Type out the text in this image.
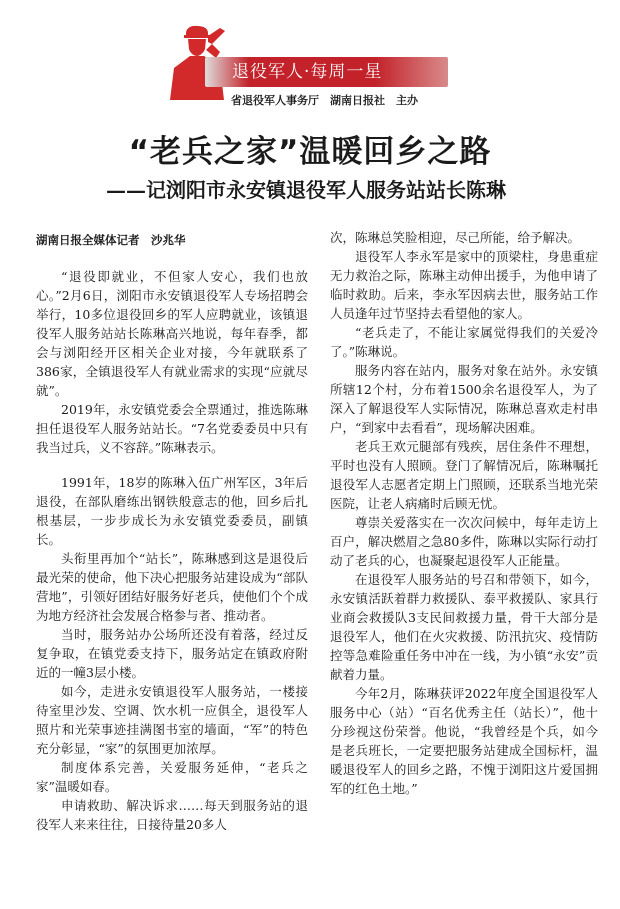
退役军人·每周一星
省退役军人事务厅　湖南日报社　主办
“老兵之家”温暖回乡之路
——记浏阳市永安镇退役军人服务站站长陈琳
湖南日报全媒体记者　沙兆华

“退役即就业，不但家人安心，我们也放心。”2月6日，浏阳市永安镇退役军人专场招聘会举行，10多位退役回乡的军人应聘就业，该镇退役军人服务站站长陈琳高兴地说，每年春季，都会与浏阳经开区相关企业对接，今年就联系了386家，全镇退役军人有就业需求的实现“应就尽就”。

2019年，永安镇党委会全票通过，推选陈琳担任退役军人服务站站长。“7名党委委员中只有我当过兵，义不容辞。”陈琳表示。

1991年，18岁的陈琳入伍广州军区，3年后退役，在部队磨练出钢铁般意志的他，回乡后扎根基层，一步步成长为永安镇党委委员，副镇长。

头衔里再加个“站长”，陈琳感到这是退役后最光荣的使命，他下决心把服务站建设成为“部队营地”，引领好团结好服务好老兵，使他们个个成为地方经济社会发展合格参与者、推动者。

当时，服务站办公场所还没有着落，经过反复争取，在镇党委支持下，服务站定在镇政府附近的一幢3层小楼。

如今，走进永安镇退役军人服务站，一楼接待室里沙发、空调、饮水机一应俱全，退役军人照片和光荣事迹挂满图书室的墙面，“军”的特色充分彰显，“家”的氛围更加浓厚。

制度体系完善，关爱服务延伸，“老兵之家”温暖如春。

申请救助、解决诉求……每天到服务站的退役军人来来往往，日接待量20多人

次，陈琳总笑脸相迎，尽己所能，给予解决。

退役军人李永军是家中的顶梁柱，身患重症无力救治之际，陈琳主动伸出援手，为他申请了临时救助。后来，李永军因病去世，服务站工作人员逢年过节坚持去看望他的家人。

“老兵走了，不能让家属觉得我们的关爱冷了。”陈琳说。

服务内容在站内，服务对象在站外。永安镇所辖12个村，分布着1500余名退役军人，为了深入了解退役军人实际情况，陈琳总喜欢走村串户，“到家中去看看”，现场解决困难。

老兵王欢元腿部有残疾，居住条件不理想，平时也没有人照顾。登门了解情况后，陈琳嘱托退役军人志愿者定期上门照顾，还联系当地光荣医院，让老人病痛时后顾无忧。

尊崇关爱落实在一次次问候中，每年走访上百户，解决燃眉之急80多件，陈琳以实际行动打动了老兵的心，也凝聚起退役军人正能量。

在退役军人服务站的号召和带领下，如今，永安镇活跃着群力救援队、泰平救援队、家具行业商会救援队3支民间救援力量，骨干大部分是退役军人，他们在火灾救援、防汛抗灾、疫情防控等急难险重任务中冲在一线，为小镇“永安”贡献着力量。

今年2月，陈琳获评2022年度全国退役军人服务中心（站）“百名优秀主任（站长）”，他十分珍视这份荣誉。他说，“我曾经是个兵，如今是老兵班长，一定要把服务站建成全国标杆，温暖退役军人的回乡之路，不愧于浏阳这片爱国拥军的红色土地。”
